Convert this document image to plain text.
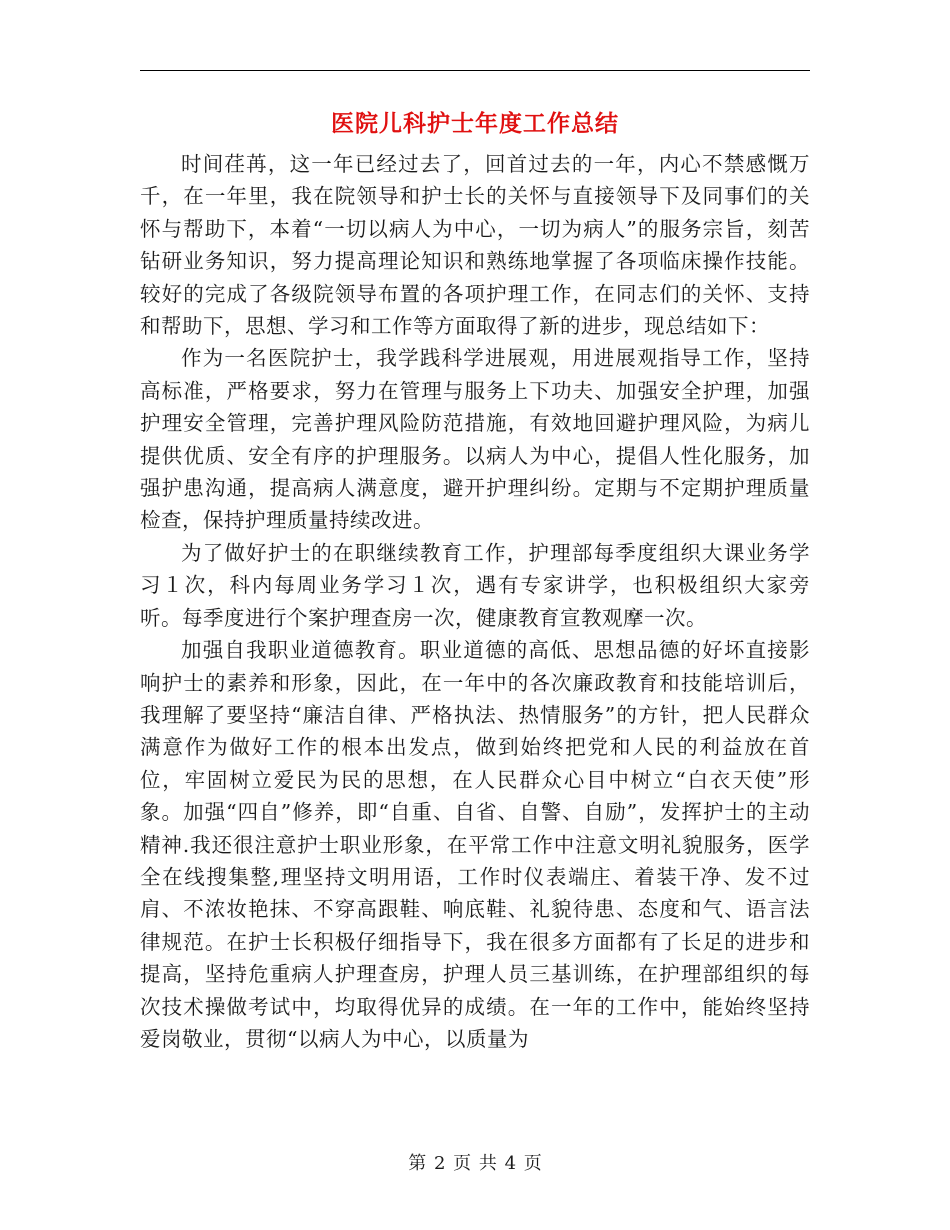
医院儿科护士年度工作总结

时间荏苒，这一年已经过去了，回首过去的一年，内心不禁感慨万千，在一年里，我在院领导和护士长的关怀与直接领导下及同事们的关怀与帮助下，本着“一切以病人为中心，一切为病人”的服务宗旨，刻苦钻研业务知识，努力提高理论知识和熟练地掌握了各项临床操作技能。较好的完成了各级院领导布置的各项护理工作，在同志们的关怀、支持和帮助下，思想、学习和工作等方面取得了新的进步，现总结如下：

作为一名医院护士，我学践科学进展观，用进展观指导工作，坚持高标准，严格要求，努力在管理与服务上下功夫、加强安全护理，加强护理安全管理，完善护理风险防范措施，有效地回避护理风险，为病儿提供优质、安全有序的护理服务。以病人为中心，提倡人性化服务，加强护患沟通，提高病人满意度，避开护理纠纷。定期与不定期护理质量检查，保持护理质量持续改进。

为了做好护士的在职继续教育工作，护理部每季度组织大课业务学习１次，科内每周业务学习１次，遇有专家讲学，也积极组织大家旁听。每季度进行个案护理查房一次，健康教育宣教观摩一次。

加强自我职业道德教育。职业道德的高低、思想品德的好坏直接影响护士的素养和形象，因此，在一年中的各次廉政教育和技能培训后，我理解了要坚持“廉洁自律、严格执法、热情服务”的方针，把人民群众满意作为做好工作的根本出发点，做到始终把党和人民的利益放在首位，牢固树立爱民为民的思想，在人民群众心目中树立“白衣天使”形象。加强“四自”修养，即“自重、自省、自警、自励”，发挥护士的主动精神.我还很注意护士职业形象，在平常工作中注意文明礼貌服务，医学全在线搜集整,理坚持文明用语，工作时仪表端庄、着装干净、发不过肩、不浓妆艳抹、不穿高跟鞋、响底鞋、礼貌待患、态度和气、语言法律规范。在护士长积极仔细指导下，我在很多方面都有了长足的进步和提高，坚持危重病人护理查房，护理人员三基训练，在护理部组织的每次技术操做考试中，均取得优异的成绩。在一年的工作中，能始终坚持爱岗敬业，贯彻“以病人为中心，以质量为

第 2 页 共 4 页
